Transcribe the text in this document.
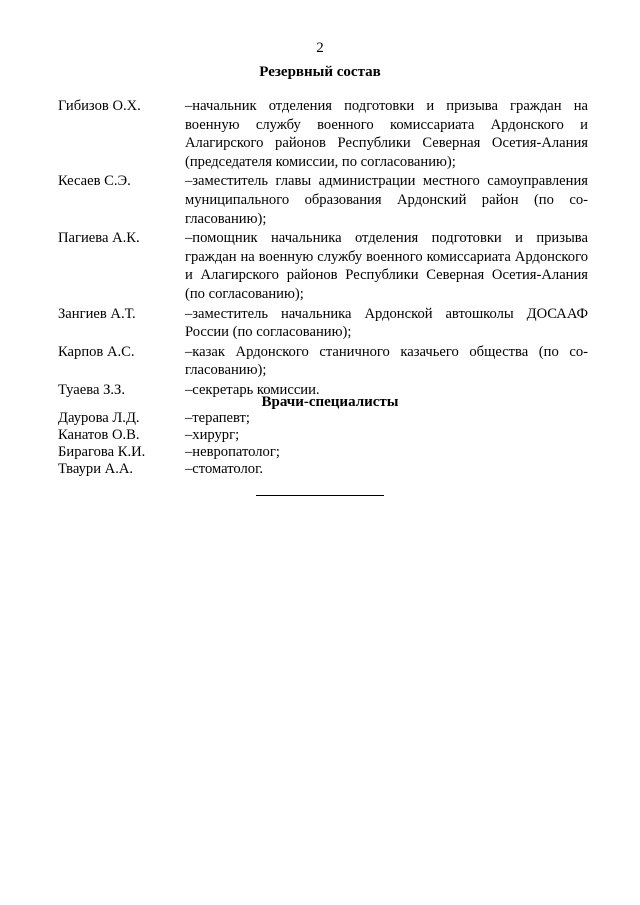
2
Резервный состав
Гибизов О.Х.	–начальник отделения подготовки и призыва граждан на военную службу военного комиссариата Ардонского и Алагирского районов Республики Северная Осетия-Алания (председателя комиссии, по согласованию);
Кесаев С.Э.	–заместитель главы администрации местного самоуправления муниципального образования Ардонский район (по согласованию);
Пагиева А.К.	–помощник начальника отделения подготовки и призыва граждан на военную службу военного комиссариата Ардонского и Алагирского районов Республики Северная Осетия-Алания (по согласованию);
Зангиев А.Т.	–заместитель начальника Ардонской автошколы ДОСААФ России (по согласованию);
Карпов А.С.	–казак Ардонского станичного казачьего общества (по согласованию);
Туаева З.З.	–секретарь комиссии.
Врачи-специалисты
Даурова Л.Д.	–терапевт;
Канатов О.В.	–хирург;
Бирагова К.И.	–невропатолог;
Тваури А.А.	–стоматолог.
